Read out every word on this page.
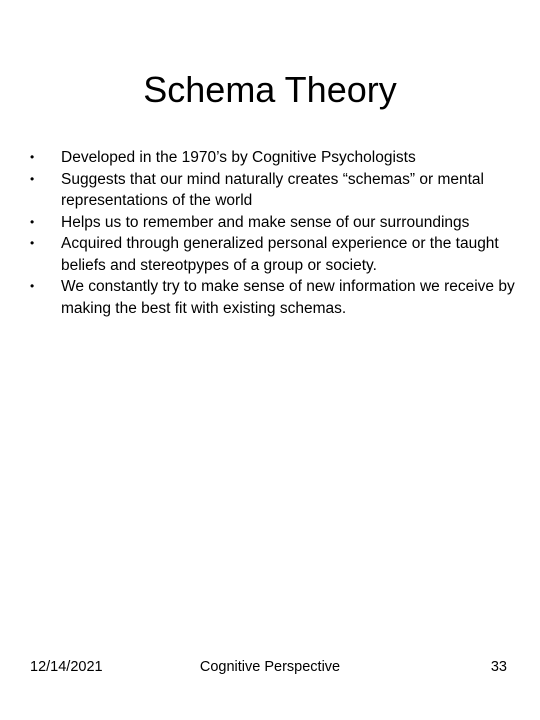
Schema Theory
•	Developed in the 1970’s by Cognitive Psychologists
•	Suggests that our mind naturally creates “schemas” or mental representations of the world
•	Helps us to remember and make sense of our surroundings
•	Acquired through generalized personal experience or the taught beliefs and stereotpypes of a group or society.
•	We constantly try to make sense of new information we receive by making the best fit with existing schemas.
12/14/2021	Cognitive Perspective	33
